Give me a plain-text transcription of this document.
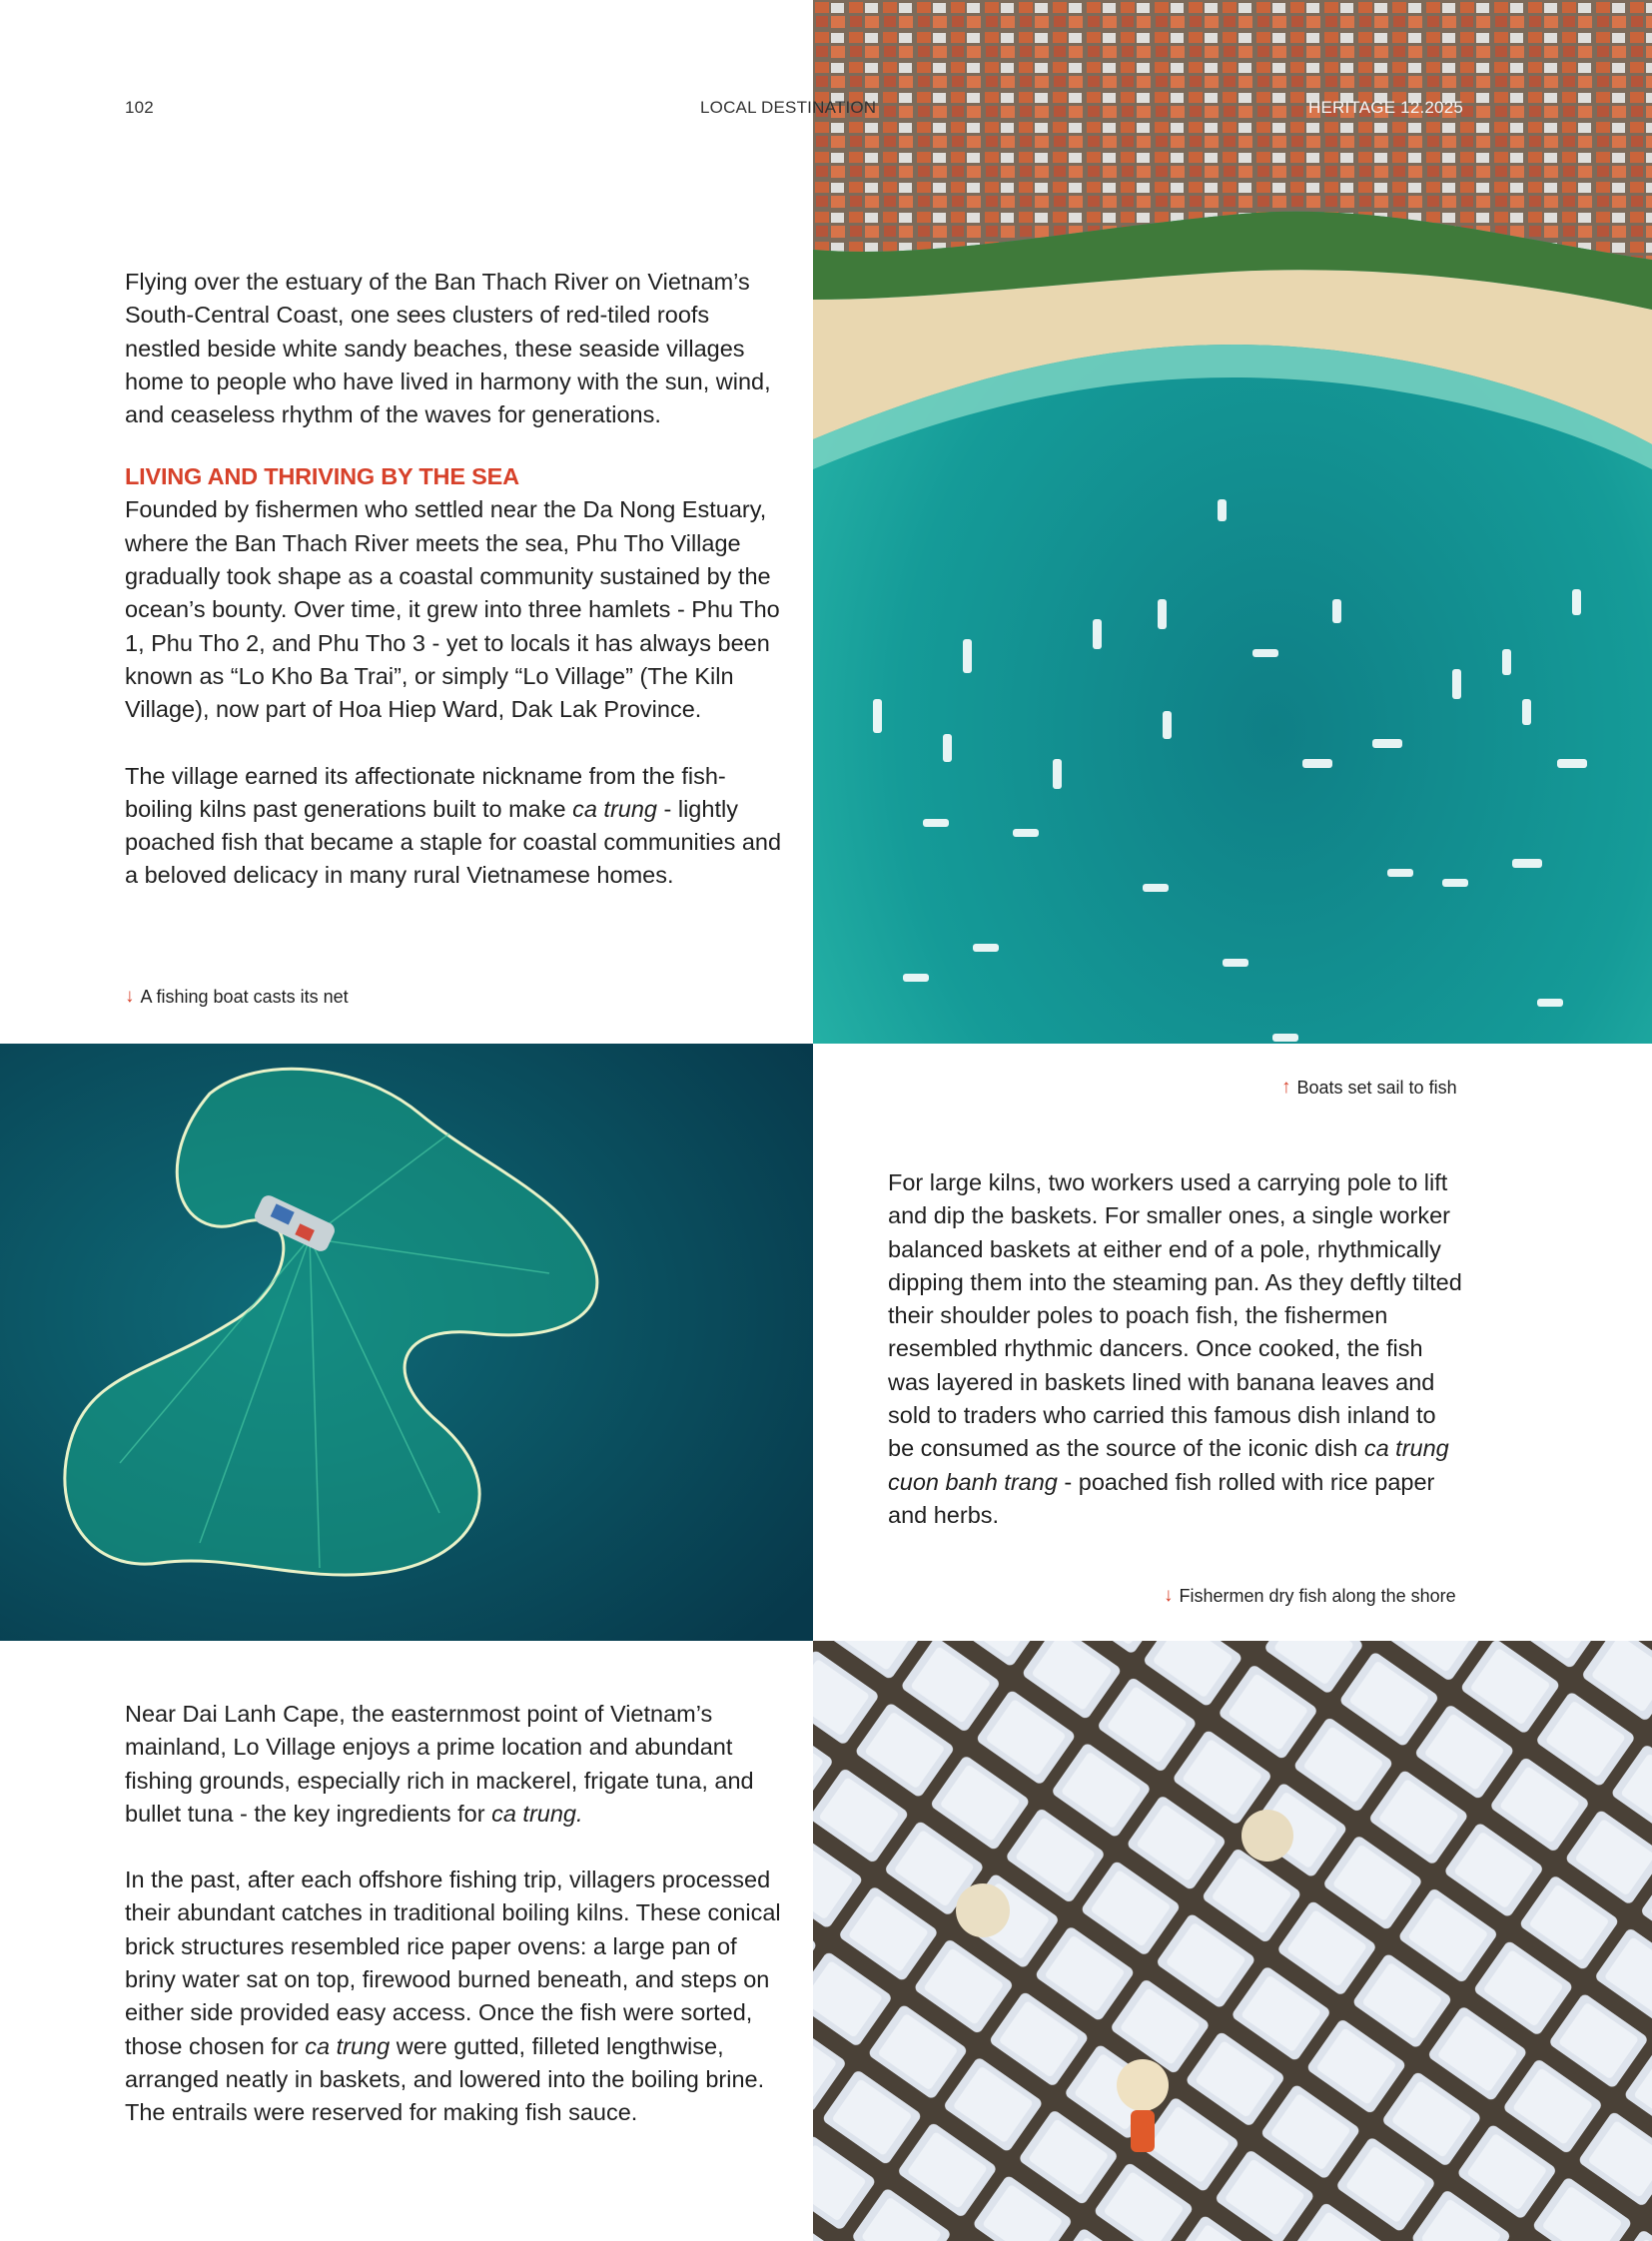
102	LOCAL DESTINATION	HERITAGE 12.2025

Flying over the estuary of the Ban Thach River on Vietnam’s South-Central Coast, one sees clusters of red-tiled roofs nestled beside white sandy beaches, these seaside villages home to people who have lived in harmony with the sun, wind, and ceaseless rhythm of the waves for generations.

LIVING AND THRIVING BY THE SEA

Founded by fishermen who settled near the Da Nong Estuary, where the Ban Thach River meets the sea, Phu Tho Village gradually took shape as a coastal community sustained by the ocean’s bounty. Over time, it grew into three hamlets - Phu Tho 1, Phu Tho 2, and Phu Tho 3 - yet to locals it has always been known as “Lo Kho Ba Trai”, or simply “Lo Village” (The Kiln Village), now part of Hoa Hiep Ward, Dak Lak Province.

The village earned its affectionate nickname from the fish-boiling kilns past generations built to make ca trung - lightly poached fish that became a staple for coastal communities and a beloved delicacy in many rural Vietnamese homes.

↓ A fishing boat casts its net
↑ Boats set sail to fish

For large kilns, two workers used a carrying pole to lift and dip the baskets. For smaller ones, a single worker balanced baskets at either end of a pole, rhythmically dipping them into the steaming pan. As they deftly tilted their shoulder poles to poach fish, the fishermen resembled rhythmic dancers. Once cooked, the fish was layered in baskets lined with banana leaves and sold to traders who carried this famous dish inland to be consumed as the source of the iconic dish ca trung cuon banh trang - poached fish rolled with rice paper and herbs.

↓ Fishermen dry fish along the shore

Near Dai Lanh Cape, the easternmost point of Vietnam’s mainland, Lo Village enjoys a prime location and abundant fishing grounds, especially rich in mackerel, frigate tuna, and bullet tuna - the key ingredients for ca trung.

In the past, after each offshore fishing trip, villagers processed their abundant catches in traditional boiling kilns. These conical brick structures resembled rice paper ovens: a large pan of briny water sat on top, firewood burned beneath, and steps on either side provided easy access. Once the fish were sorted, those chosen for ca trung were gutted, filleted lengthwise, arranged neatly in baskets, and lowered into the boiling brine. The entrails were reserved for making fish sauce.
